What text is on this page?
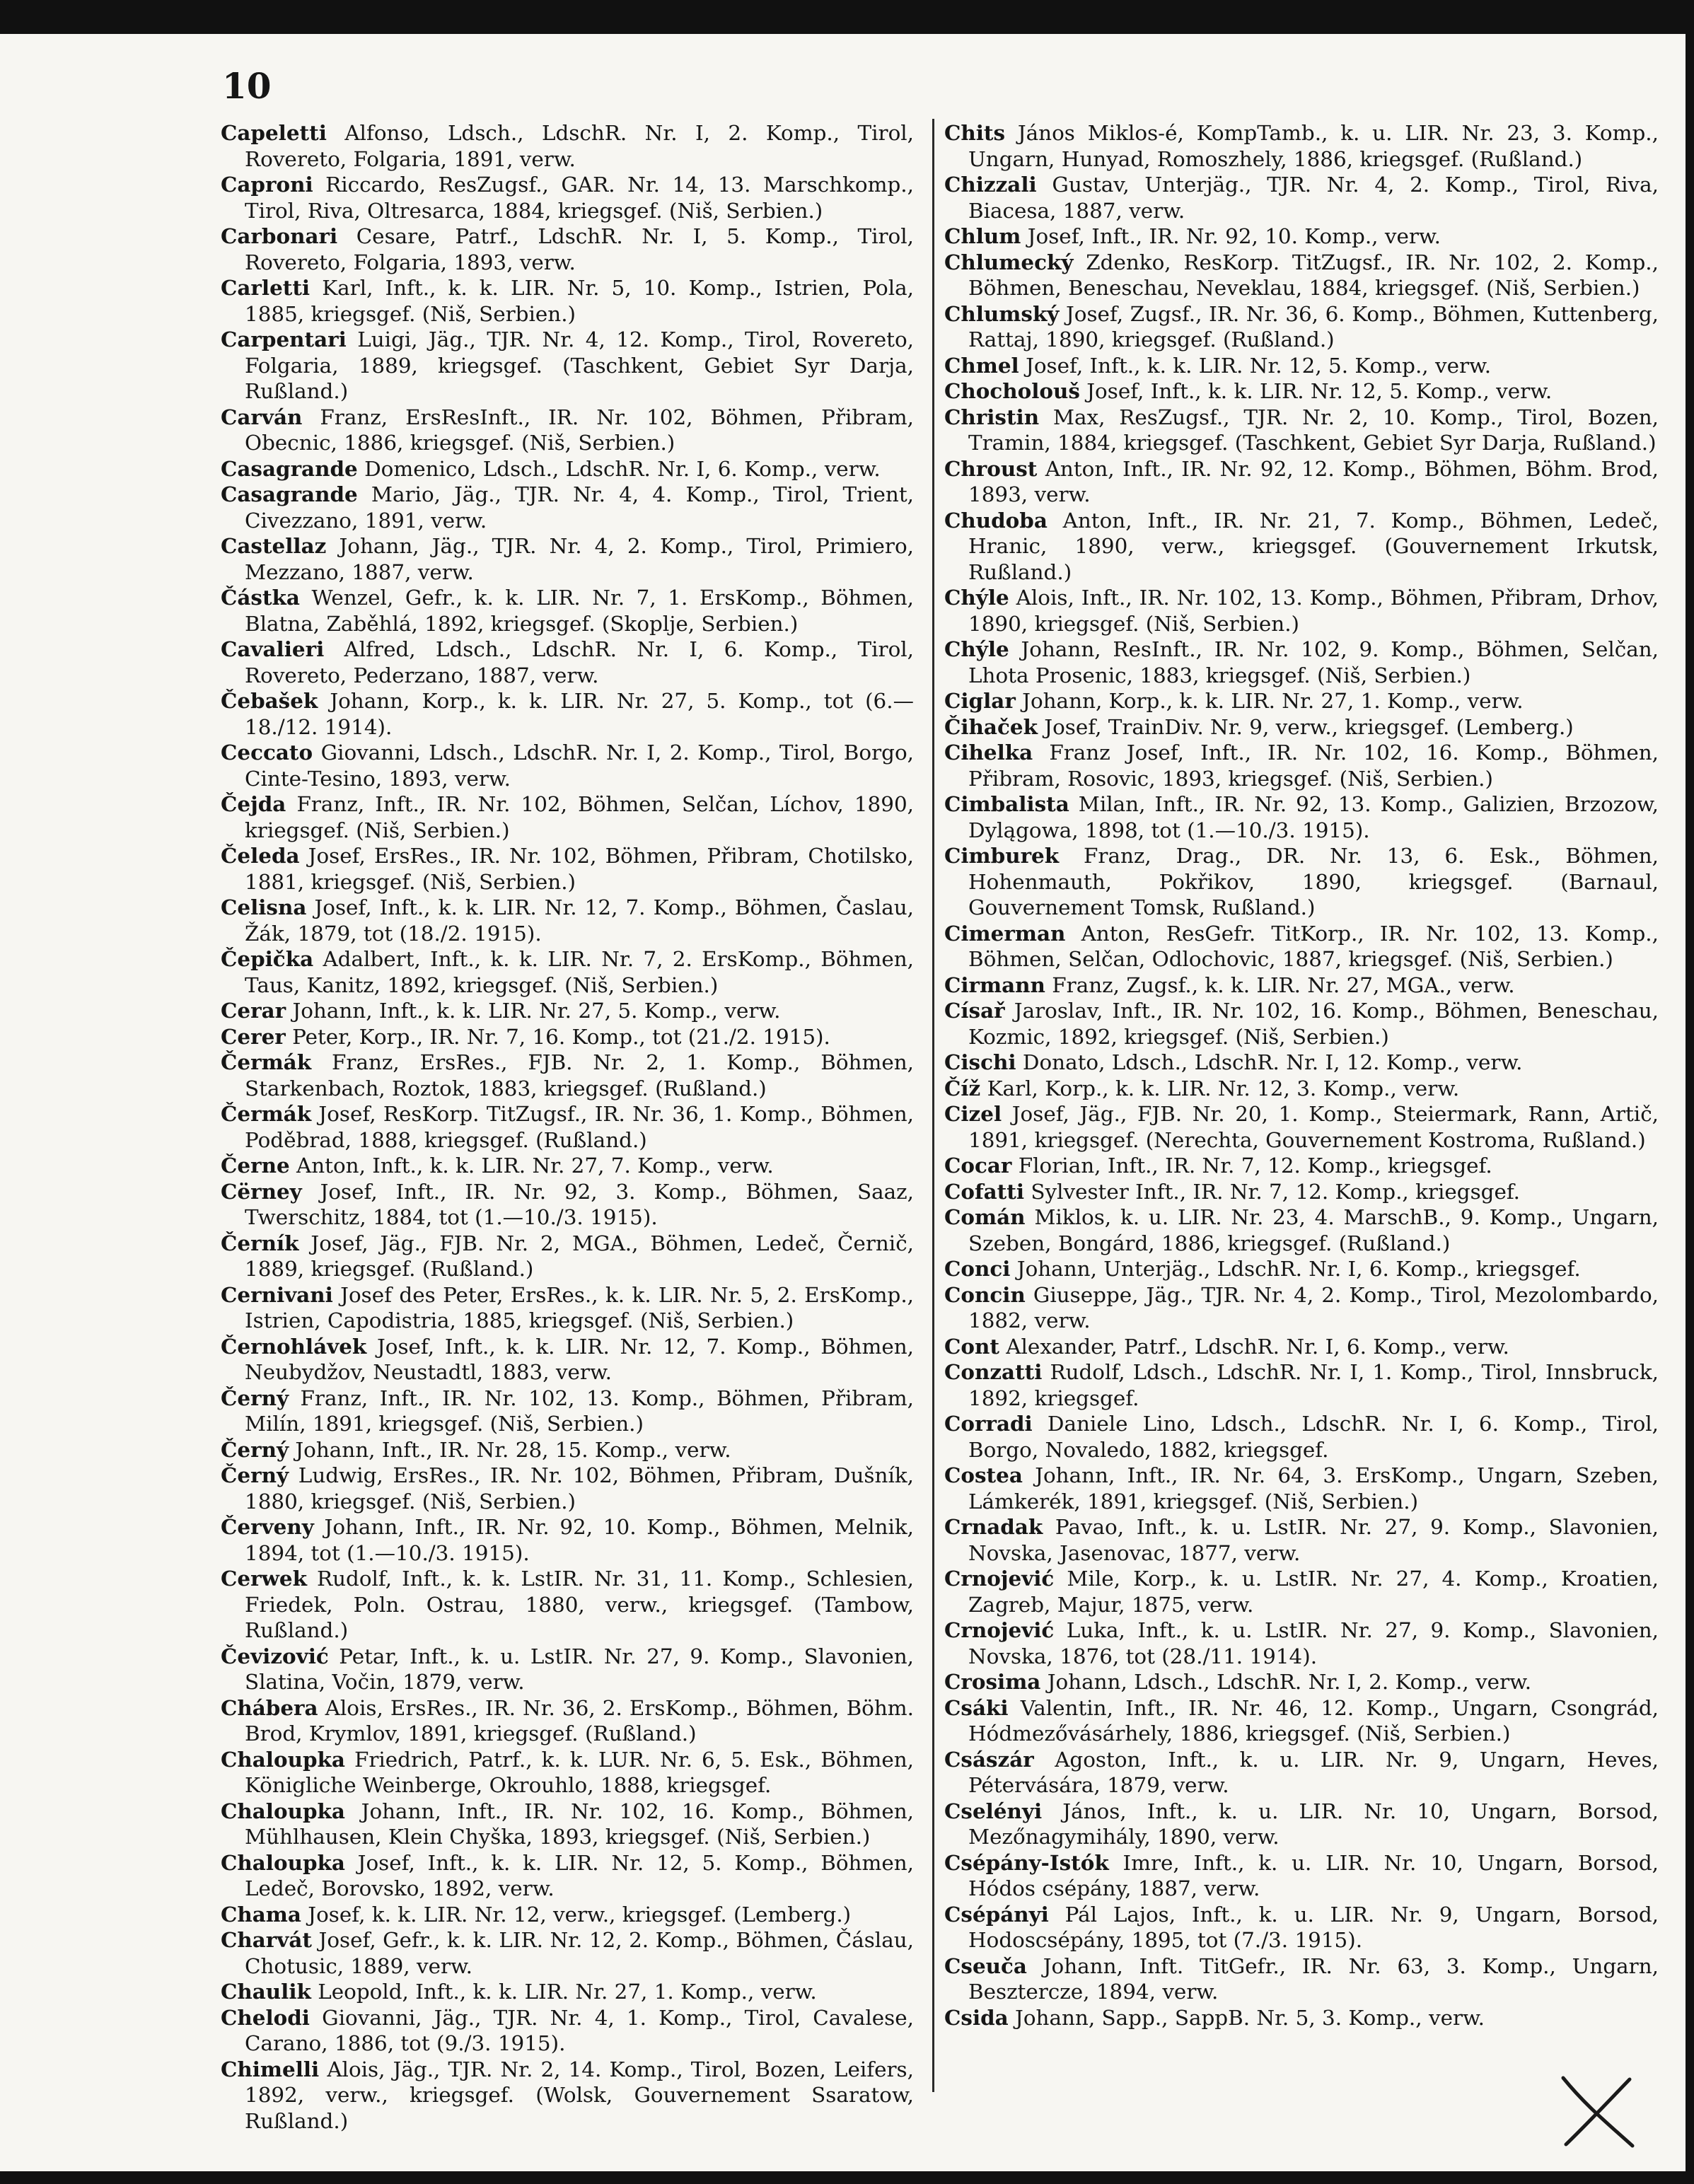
10
Capeletti Alfonso, Ldsch., LdschR. Nr. I, 2. Komp., Tirol, Rovereto, Folgaria, 1891, verw.
Caproni Riccardo, ResZugsf., GAR. Nr. 14, 13. Marschkomp., Tirol, Riva, Oltresarca, 1884, kriegsgef. (Niš, Serbien.)
Carbonari Cesare, Patrf., LdschR. Nr. I, 5. Komp., Tirol, Rovereto, Folgaria, 1893, verw.
Carletti Karl, Inft., k. k. LIR. Nr. 5, 10. Komp., Istrien, Pola, 1885, kriegsgef. (Niš, Serbien.)
Carpentari Luigi, Jäg., TJR. Nr. 4, 12. Komp., Tirol, Rovereto, Folgaria, 1889, kriegsgef. (Taschkent, Gebiet Syr Darja, Rußland.)
Carván Franz, ErsResInft., IR. Nr. 102, Böhmen, Přibram, Obecnic, 1886, kriegsgef. (Niš, Serbien.)
Casagrande Domenico, Ldsch., LdschR. Nr. I, 6. Komp., verw.
Casagrande Mario, Jäg., TJR. Nr. 4, 4. Komp., Tirol, Trient, Civezzano, 1891, verw.
Castellaz Johann, Jäg., TJR. Nr. 4, 2. Komp., Tirol, Primiero, Mezzano, 1887, verw.
Částka Wenzel, Gefr., k. k. LIR. Nr. 7, 1. ErsKomp., Böhmen, Blatna, Zaběhlá, 1892, kriegsgef. (Skoplje, Serbien.)
Cavalieri Alfred, Ldsch., LdschR. Nr. I, 6. Komp., Tirol, Rovereto, Pederzano, 1887, verw.
Čebašek Johann, Korp., k. k. LIR. Nr. 27, 5. Komp., tot (6.—18./12. 1914).
Ceccato Giovanni, Ldsch., LdschR. Nr. I, 2. Komp., Tirol, Borgo, Cinte-Tesino, 1893, verw.
Čejda Franz, Inft., IR. Nr. 102, Böhmen, Selčan, Líchov, 1890, kriegsgef. (Niš, Serbien.)
Čeleda Josef, ErsRes., IR. Nr. 102, Böhmen, Přibram, Chotilsko, 1881, kriegsgef. (Niš, Serbien.)
Celisna Josef, Inft., k. k. LIR. Nr. 12, 7. Komp., Böhmen, Časlau, Žák, 1879, tot (18./2. 1915).
Čepička Adalbert, Inft., k. k. LIR. Nr. 7, 2. ErsKomp., Böhmen, Taus, Kanitz, 1892, kriegsgef. (Niš, Serbien.)
Cerar Johann, Inft., k. k. LIR. Nr. 27, 5. Komp., verw.
Cerer Peter, Korp., IR. Nr. 7, 16. Komp., tot (21./2. 1915).
Čermák Franz, ErsRes., FJB. Nr. 2, 1. Komp., Böhmen, Starkenbach, Roztok, 1883, kriegsgef. (Rußland.)
Čermák Josef, ResKorp. TitZugsf., IR. Nr. 36, 1. Komp., Böhmen, Poděbrad, 1888, kriegsgef. (Rußland.)
Černe Anton, Inft., k. k. LIR. Nr. 27, 7. Komp., verw.
Cërney Josef, Inft., IR. Nr. 92, 3. Komp., Böhmen, Saaz, Twerschitz, 1884, tot (1.—10./3. 1915).
Černík Josef, Jäg., FJB. Nr. 2, MGA., Böhmen, Ledeč, Černič, 1889, kriegsgef. (Rußland.)
Cernivani Josef des Peter, ErsRes., k. k. LIR. Nr. 5, 2. ErsKomp., Istrien, Capodistria, 1885, kriegsgef. (Niš, Serbien.)
Černohlávek Josef, Inft., k. k. LIR. Nr. 12, 7. Komp., Böhmen, Neubydžov, Neustadtl, 1883, verw.
Černý Franz, Inft., IR. Nr. 102, 13. Komp., Böhmen, Přibram, Milín, 1891, kriegsgef. (Niš, Serbien.)
Černý Johann, Inft., IR. Nr. 28, 15. Komp., verw.
Černý Ludwig, ErsRes., IR. Nr. 102, Böhmen, Přibram, Dušník, 1880, kriegsgef. (Niš, Serbien.)
Červeny Johann, Inft., IR. Nr. 92, 10. Komp., Böhmen, Melnik, 1894, tot (1.—10./3. 1915).
Cerwek Rudolf, Inft., k. k. LstIR. Nr. 31, 11. Komp., Schlesien, Friedek, Poln. Ostrau, 1880, verw., kriegsgef. (Tambow, Rußland.)
Čevizović Petar, Inft., k. u. LstIR. Nr. 27, 9. Komp., Slavonien, Slatina, Vočin, 1879, verw.
Chábera Alois, ErsRes., IR. Nr. 36, 2. ErsKomp., Böhmen, Böhm. Brod, Krymlov, 1891, kriegsgef. (Rußland.)
Chaloupka Friedrich, Patrf., k. k. LUR. Nr. 6, 5. Esk., Böhmen, Königliche Weinberge, Okrouhlo, 1888, kriegsgef.
Chaloupka Johann, Inft., IR. Nr. 102, 16. Komp., Böhmen, Mühlhausen, Klein Chyška, 1893, kriegsgef. (Niš, Serbien.)
Chaloupka Josef, Inft., k. k. LIR. Nr. 12, 5. Komp., Böhmen, Ledeč, Borovsko, 1892, verw.
Chama Josef, k. k. LIR. Nr. 12, verw., kriegsgef. (Lemberg.)
Charvát Josef, Gefr., k. k. LIR. Nr. 12, 2. Komp., Böhmen, Čáslau, Chotusic, 1889, verw.
Chaulik Leopold, Inft., k. k. LIR. Nr. 27, 1. Komp., verw.
Chelodi Giovanni, Jäg., TJR. Nr. 4, 1. Komp., Tirol, Cavalese, Carano, 1886, tot (9./3. 1915).
Chimelli Alois, Jäg., TJR. Nr. 2, 14. Komp., Tirol, Bozen, Leifers, 1892, verw., kriegsgef. (Wolsk, Gouvernement Ssaratow, Rußland.)
Chits János Miklos-é, KompTamb., k. u. LIR. Nr. 23, 3. Komp., Ungarn, Hunyad, Romoszhely, 1886, kriegsgef. (Rußland.)
Chizzali Gustav, Unterjäg., TJR. Nr. 4, 2. Komp., Tirol, Riva, Biacesa, 1887, verw.
Chlum Josef, Inft., IR. Nr. 92, 10. Komp., verw.
Chlumecký Zdenko, ResKorp. TitZugsf., IR. Nr. 102, 2. Komp., Böhmen, Beneschau, Neveklau, 1884, kriegsgef. (Niš, Serbien.)
Chlumský Josef, Zugsf., IR. Nr. 36, 6. Komp., Böhmen, Kuttenberg, Rattaj, 1890, kriegsgef. (Rußland.)
Chmel Josef, Inft., k. k. LIR. Nr. 12, 5. Komp., verw.
Chocholouš Josef, Inft., k. k. LIR. Nr. 12, 5. Komp., verw.
Christin Max, ResZugsf., TJR. Nr. 2, 10. Komp., Tirol, Bozen, Tramin, 1884, kriegsgef. (Taschkent, Gebiet Syr Darja, Rußland.)
Chroust Anton, Inft., IR. Nr. 92, 12. Komp., Böhmen, Böhm. Brod, 1893, verw.
Chudoba Anton, Inft., IR. Nr. 21, 7. Komp., Böhmen, Ledeč, Hranic, 1890, verw., kriegsgef. (Gouvernement Irkutsk, Rußland.)
Chýle Alois, Inft., IR. Nr. 102, 13. Komp., Böhmen, Přibram, Drhov, 1890, kriegsgef. (Niš, Serbien.)
Chýle Johann, ResInft., IR. Nr. 102, 9. Komp., Böhmen, Selčan, Lhota Prosenic, 1883, kriegsgef. (Niš, Serbien.)
Ciglar Johann, Korp., k. k. LIR. Nr. 27, 1. Komp., verw.
Čihaček Josef, TrainDiv. Nr. 9, verw., kriegsgef. (Lemberg.)
Cihelka Franz Josef, Inft., IR. Nr. 102, 16. Komp., Böhmen, Přibram, Rosovic, 1893, kriegsgef. (Niš, Serbien.)
Cimbalista Milan, Inft., IR. Nr. 92, 13. Komp., Galizien, Brzozow, Dylągowa, 1898, tot (1.—10./3. 1915).
Cimburek Franz, Drag., DR. Nr. 13, 6. Esk., Böhmen, Hohenmauth, Pokřikov, 1890, kriegsgef. (Barnaul, Gouvernement Tomsk, Rußland.)
Cimerman Anton, ResGefr. TitKorp., IR. Nr. 102, 13. Komp., Böhmen, Selčan, Odlochovic, 1887, kriegsgef. (Niš, Serbien.)
Cirmann Franz, Zugsf., k. k. LIR. Nr. 27, MGA., verw.
Císař Jaroslav, Inft., IR. Nr. 102, 16. Komp., Böhmen, Beneschau, Kozmic, 1892, kriegsgef. (Niš, Serbien.)
Cischi Donato, Ldsch., LdschR. Nr. I, 12. Komp., verw.
Číž Karl, Korp., k. k. LIR. Nr. 12, 3. Komp., verw.
Cizel Josef, Jäg., FJB. Nr. 20, 1. Komp., Steiermark, Rann, Artič, 1891, kriegsgef. (Nerechta, Gouvernement Kostroma, Rußland.)
Cocar Florian, Inft., IR. Nr. 7, 12. Komp., kriegsgef.
Cofatti Sylvester Inft., IR. Nr. 7, 12. Komp., kriegsgef.
Comán Miklos, k. u. LIR. Nr. 23, 4. MarschB., 9. Komp., Ungarn, Szeben, Bongárd, 1886, kriegsgef. (Rußland.)
Conci Johann, Unterjäg., LdschR. Nr. I, 6. Komp., kriegsgef.
Concin Giuseppe, Jäg., TJR. Nr. 4, 2. Komp., Tirol, Mezolombardo, 1882, verw.
Cont Alexander, Patrf., LdschR. Nr. I, 6. Komp., verw.
Conzatti Rudolf, Ldsch., LdschR. Nr. I, 1. Komp., Tirol, Innsbruck, 1892, kriegsgef.
Corradi Daniele Lino, Ldsch., LdschR. Nr. I, 6. Komp., Tirol, Borgo, Novaledo, 1882, kriegsgef.
Costea Johann, Inft., IR. Nr. 64, 3. ErsKomp., Ungarn, Szeben, Lámkerék, 1891, kriegsgef. (Niš, Serbien.)
Crnadak Pavao, Inft., k. u. LstIR. Nr. 27, 9. Komp., Slavonien, Novska, Jasenovac, 1877, verw.
Crnojević Mile, Korp., k. u. LstIR. Nr. 27, 4. Komp., Kroatien, Zagreb, Majur, 1875, verw.
Crnojević Luka, Inft., k. u. LstIR. Nr. 27, 9. Komp., Slavonien, Novska, 1876, tot (28./11. 1914).
Crosima Johann, Ldsch., LdschR. Nr. I, 2. Komp., verw.
Csáki Valentin, Inft., IR. Nr. 46, 12. Komp., Ungarn, Csongrád, Hódmezővásárhely, 1886, kriegsgef. (Niš, Serbien.)
Császár Agoston, Inft., k. u. LIR. Nr. 9, Ungarn, Heves, Pétervására, 1879, verw.
Cselényi János, Inft., k. u. LIR. Nr. 10, Ungarn, Borsod, Mezőnagymihály, 1890, verw.
Csépány-Istók Imre, Inft., k. u. LIR. Nr. 10, Ungarn, Borsod, Hódos csépány, 1887, verw.
Csépányi Pál Lajos, Inft., k. u. LIR. Nr. 9, Ungarn, Borsod, Hodoscsépány, 1895, tot (7./3. 1915).
Cseuča Johann, Inft. TitGefr., IR. Nr. 63, 3. Komp., Ungarn, Besztercze, 1894, verw.
Csida Johann, Sapp., SappB. Nr. 5, 3. Komp., verw.
